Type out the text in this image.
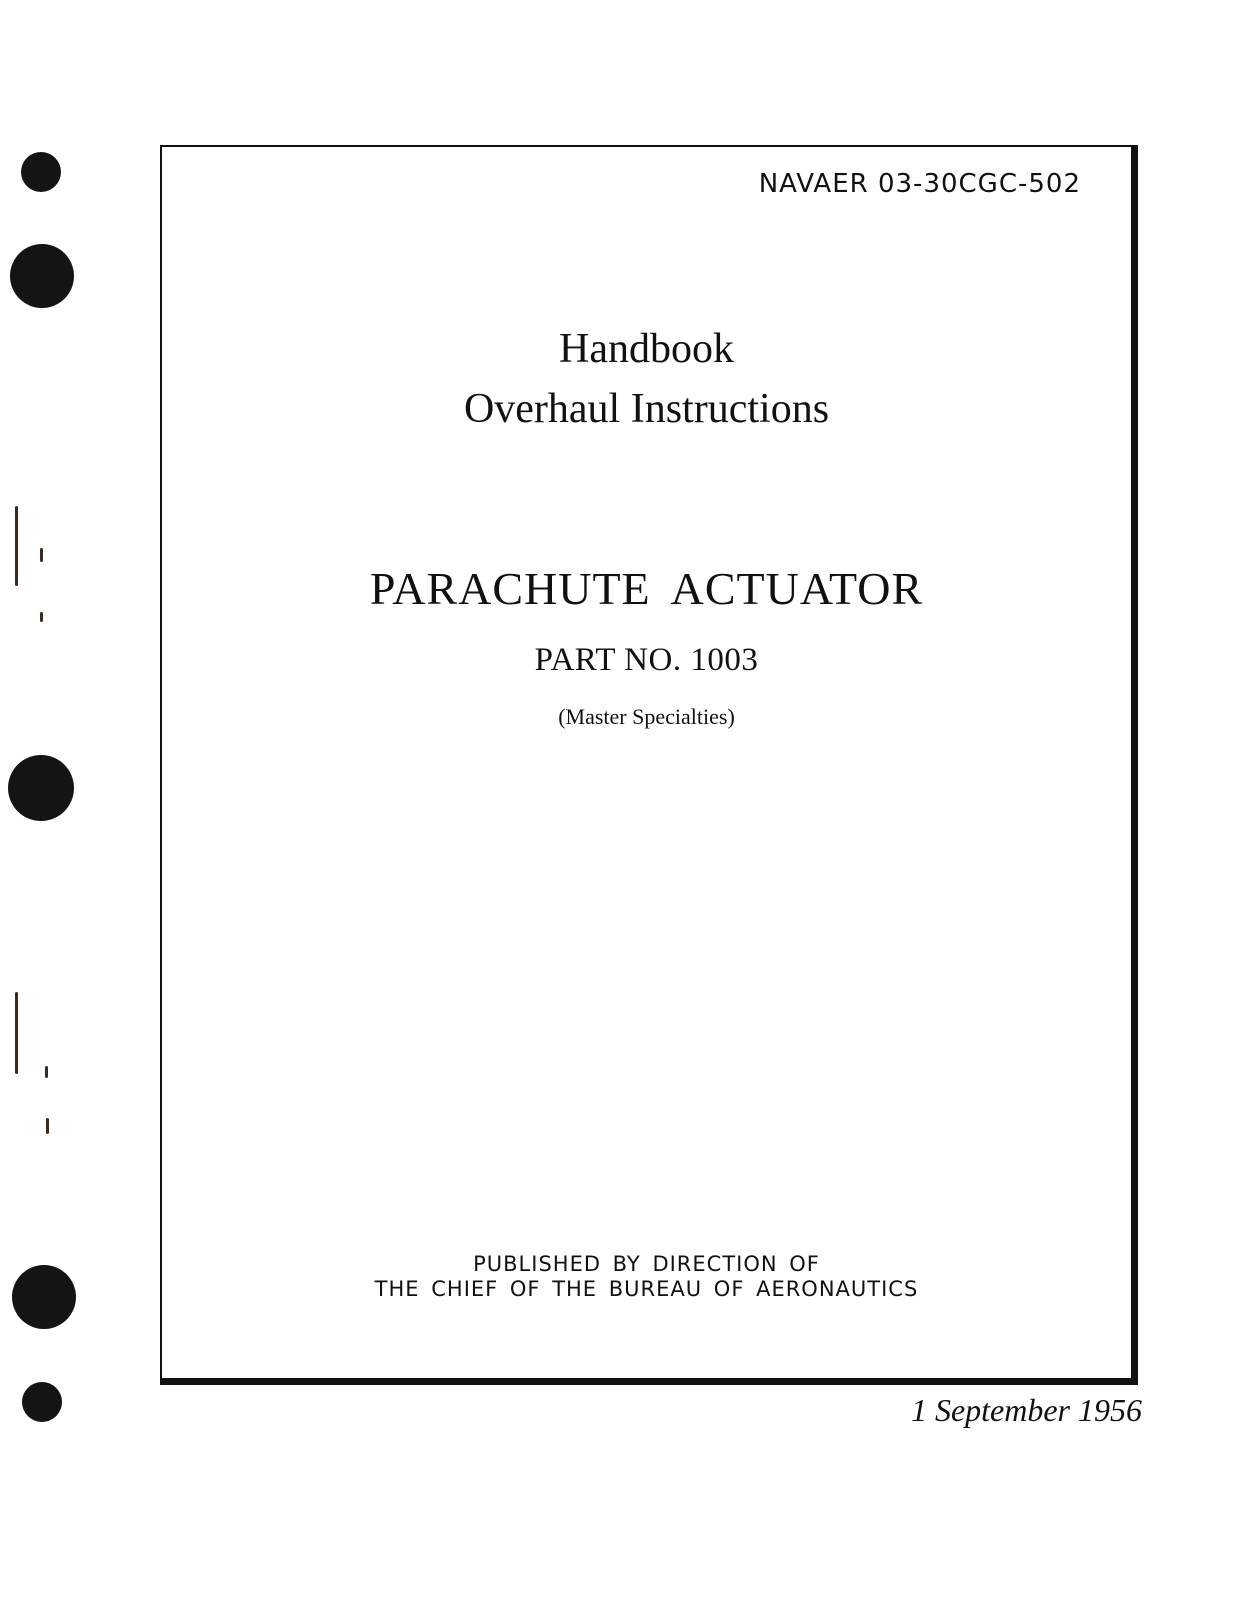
NAVAER 03-30CGC-502
Handbook
Overhaul Instructions
PARACHUTE ACTUATOR
PART NO. 1003
(Master Specialties)
PUBLISHED BY DIRECTION OF
THE CHIEF OF THE BUREAU OF AERONAUTICS
1 September 1956
